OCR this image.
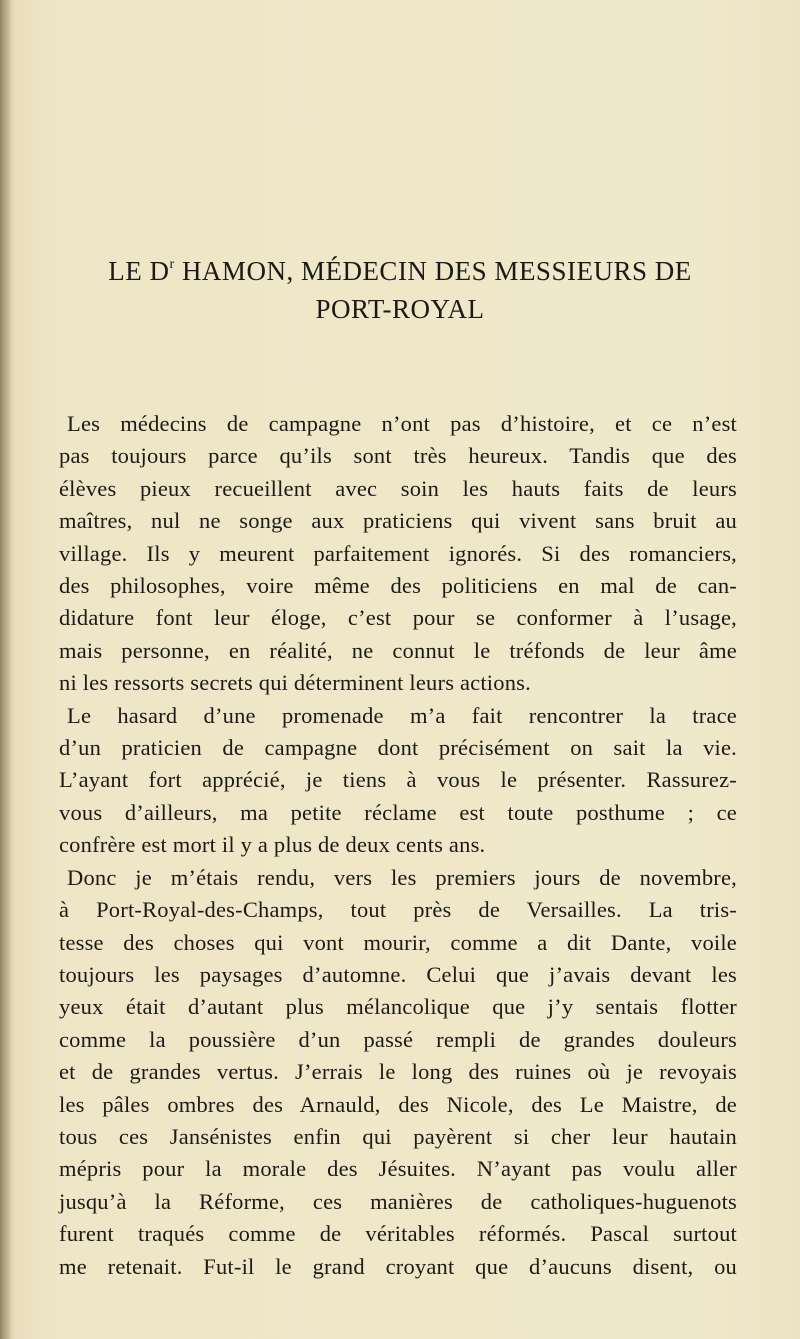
LE $D^r$ HAMON, MÉDECIN DES MESSIEURS DE
PORT-ROYAL

Les médecins de campagne n’ont pas d’histoire, et ce n’est
pas toujours parce qu’ils sont très heureux. Tandis que des
élèves pieux recueillent avec soin les hauts faits de leurs
maîtres, nul ne songe aux praticiens qui vivent sans bruit au
village. Ils y meurent parfaitement ignorés. Si des romanciers,
des philosophes, voire même des politiciens en mal de can-
didature font leur éloge, c’est pour se conformer à l’usage,
mais personne, en réalité, ne connut le tréfonds de leur âme
ni les ressorts secrets qui déterminent leurs actions.

Le hasard d’une promenade m’a fait rencontrer la trace
d’un praticien de campagne dont précisément on sait la vie.
L’ayant fort apprécié, je tiens à vous le présenter. Rassurez-
vous d’ailleurs, ma petite réclame est toute posthume ; ce
confrère est mort il y a plus de deux cents ans.

Donc je m’étais rendu, vers les premiers jours de novembre,
à Port-Royal-des-Champs, tout près de Versailles. La tris-
tesse des choses qui vont mourir, comme a dit Dante, voile
toujours les paysages d’automne. Celui que j’avais devant les
yeux était d’autant plus mélancolique que j’y sentais flotter
comme la poussière d’un passé rempli de grandes douleurs
et de grandes vertus. J’errais le long des ruines où je revoyais
les pâles ombres des Arnauld, des Nicole, des Le Maistre, de
tous ces Jansénistes enfin qui payèrent si cher leur hautain
mépris pour la morale des Jésuites. N’ayant pas voulu aller
jusqu’à la Réforme, ces manières de catholiques-huguenots
furent traqués comme de véritables réformés. Pascal surtout
me retenait. Fut-il le grand croyant que d’aucuns disent, ou
